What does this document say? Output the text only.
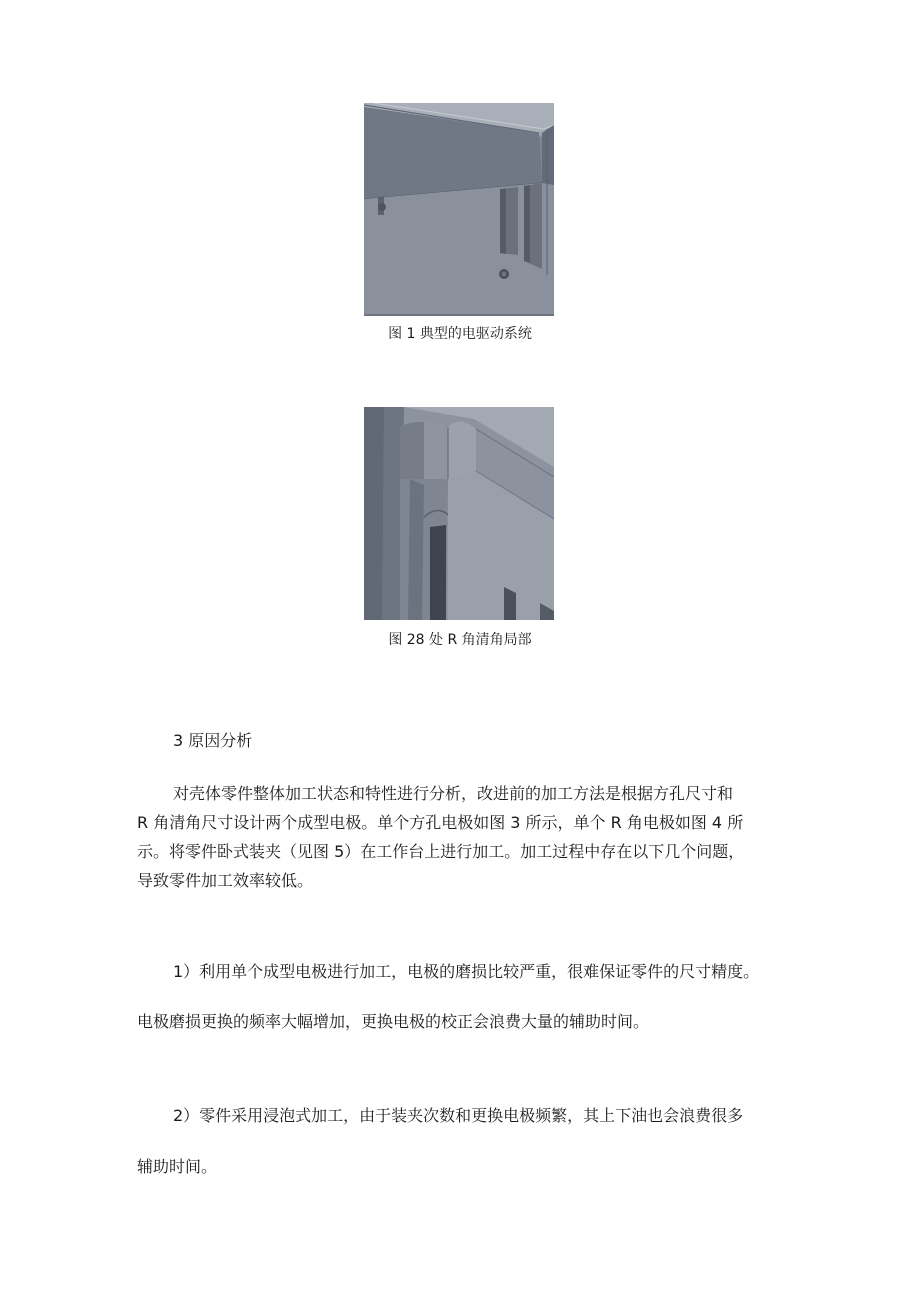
图 1 典型的电驱动系统
图 28 处 R 角清角局部
3 原因分析
对壳体零件整体加工状态和特性进行分析，改进前的加工方法是根据方孔尺寸和
R 角清角尺寸设计两个成型电极。单个方孔电极如图 3 所示，单个 R 角电极如图 4 所
示。将零件卧式装夹（见图 5）在工作台上进行加工。加工过程中存在以下几个问题，
导致零件加工效率较低。
1）利用单个成型电极进行加工，电极的磨损比较严重，很难保证零件的尺寸精度。
电极磨损更换的频率大幅增加，更换电极的校正会浪费大量的辅助时间。
2）零件采用浸泡式加工，由于装夹次数和更换电极频繁，其上下油也会浪费很多
辅助时间。
